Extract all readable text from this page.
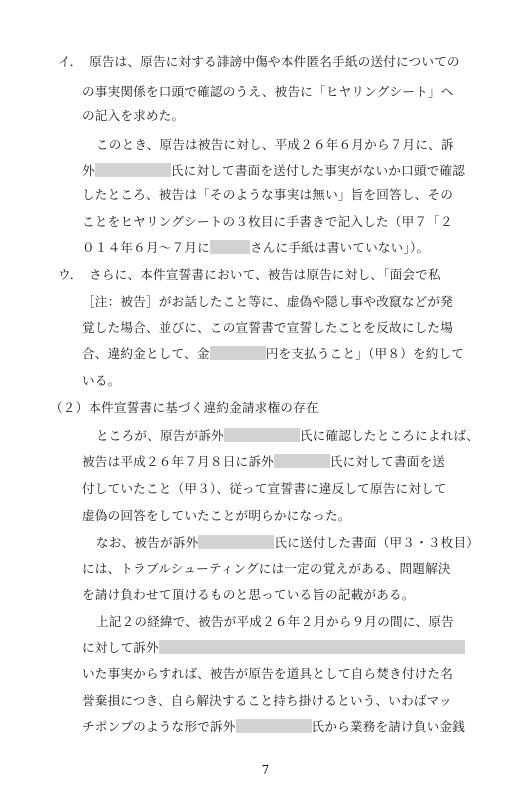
イ．　原告は、原告に対する誹謗中傷や本件匿名手紙の送付についての
の事実関係を口頭で確認のうえ、被告に「ヒヤリングシート」へ
の記入を求めた。
このとき、原告は被告に対し、平成２６年６月から７月に、訴
外	氏に対して書面を送付した事実がないか口頭で確認
したところ、被告は「そのような事実は無い」旨を回答し、その
ことをヒヤリングシートの３枚目に手書きで記入した（甲７「２
０１４年６月～７月に	さんに手紙は書いていない」）。
ウ．　さらに、本件宣誓書において、被告は原告に対し、「面会で私
［注：被告］がお話したこと等に、虚偽や隠し事や改竄などが発
覚した場合、並びに、この宣誓書で宣誓したことを反故にした場
合、違約金として、金	円を支払うこと」（甲８）を約して
いる。
（２）本件宣誓書に基づく違約金請求権の存在
ところが、原告が訴外	氏に確認したところによれば、
被告は平成２６年７月８日に訴外	氏に対して書面を送
付していたこと（甲３）、従って宣誓書に違反して原告に対して
虚偽の回答をしていたことが明らかになった。
なお、被告が訴外	氏に送付した書面（甲３・３枚目）
には、トラブルシューティングには一定の覚えがある、問題解決
を請け負わせて頂けるものと思っている旨の記載がある。
上記２の経緯で、被告が平成２６年２月から９月の間に、原告
に対して訴外
いた事実からすれば、被告が原告を道具として自ら焚き付けた名
誉棄損につき、自ら解決すること持ち掛けるという、いわばマッ
チポンプのような形で訴外	氏から業務を請け負い金銭
7
